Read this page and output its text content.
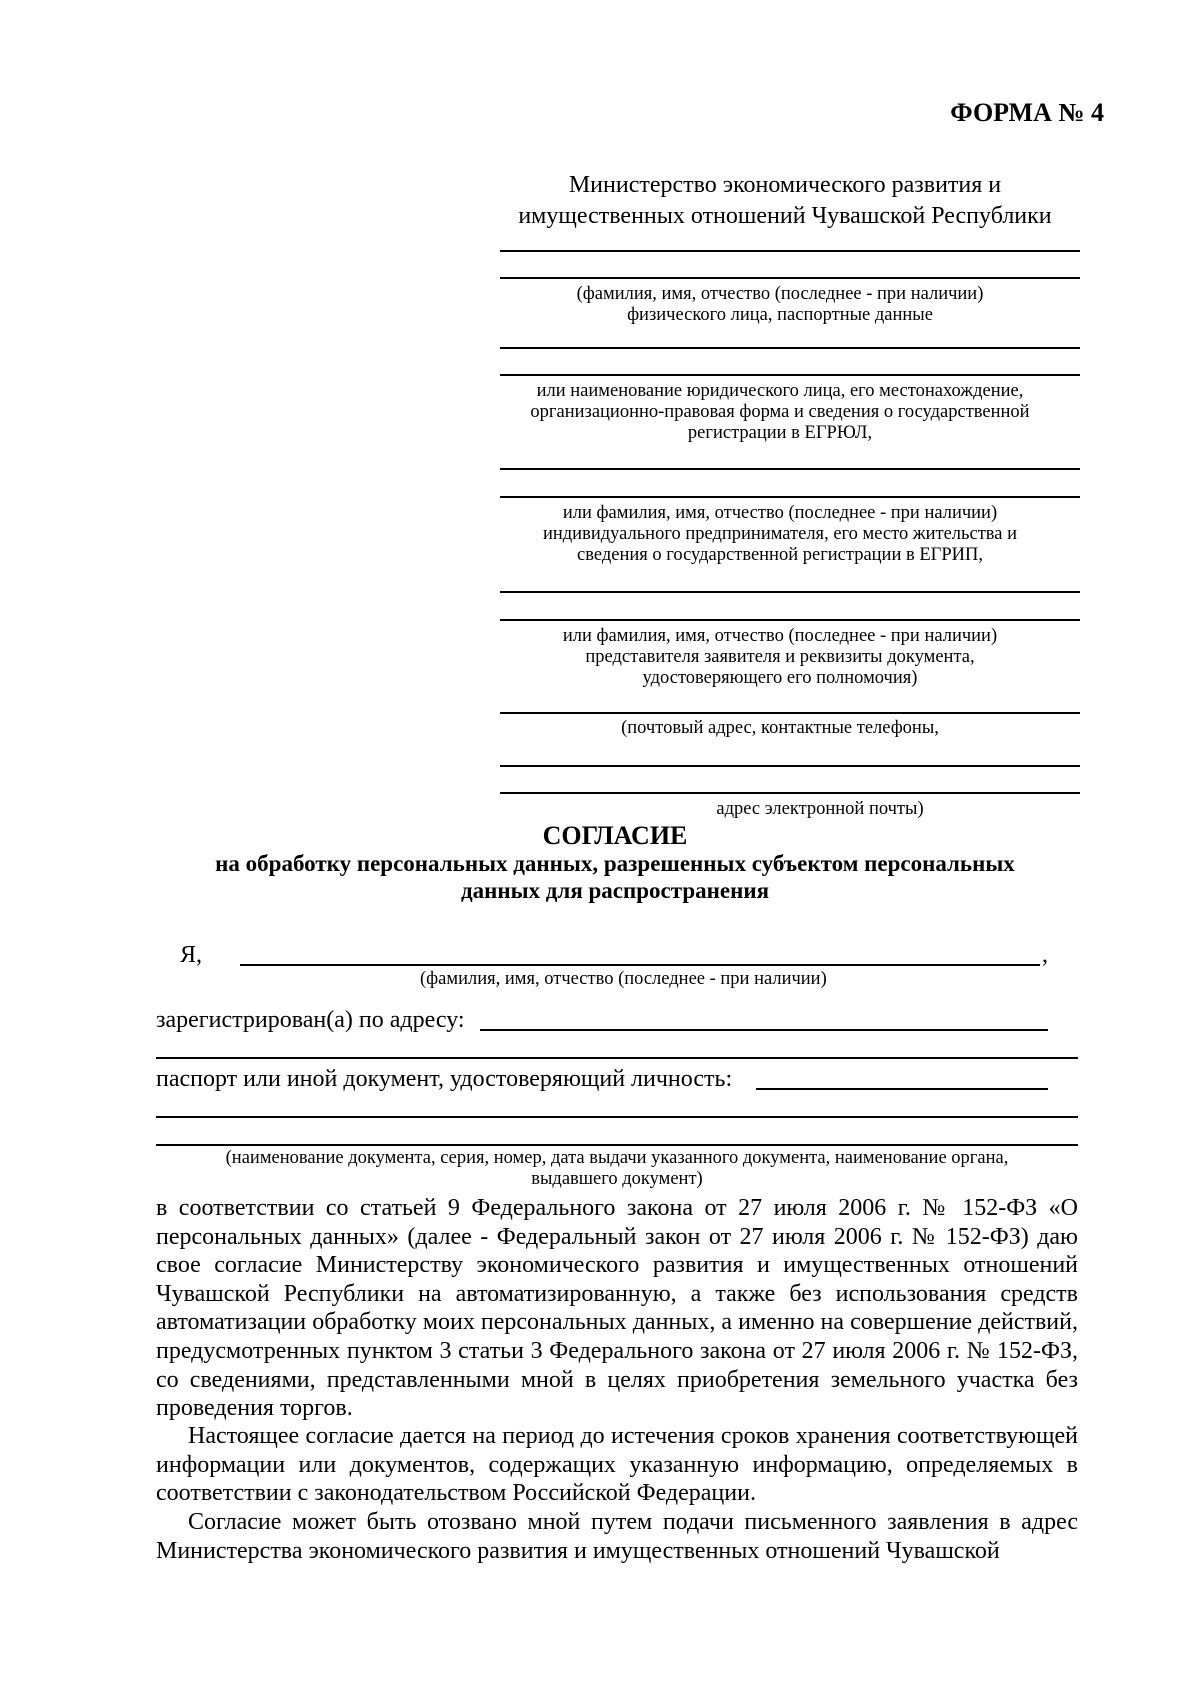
ФОРМА № 4
Министерство экономического развития и
имущественных отношений Чувашской Республики
(фамилия, имя, отчество (последнее - при наличии)
физического лица, паспортные данные
или наименование юридического лица, его местонахождение,
организационно-правовая форма и сведения о государственной
регистрации в ЕГРЮЛ,
или фамилия, имя, отчество (последнее - при наличии)
индивидуального предпринимателя, его место жительства и
сведения о государственной регистрации в ЕГРИП,
или фамилия, имя, отчество (последнее - при наличии)
представителя заявителя и реквизиты документа,
удостоверяющего его полномочия)
(почтовый адрес, контактные телефоны,
адрес электронной почты)
СОГЛАСИЕ
на обработку персональных данных, разрешенных субъектом персональных
данных для распространения
Я,	,
(фамилия, имя, отчество (последнее - при наличии)
зарегистрирован(а) по адресу:
паспорт или иной документ, удостоверяющий личность:
(наименование документа, серия, номер, дата выдачи указанного документа, наименование органа,
выдавшего документ)
в соответствии со статьей 9 Федерального закона от 27 июля 2006 г. № 152-ФЗ «О персональных данных» (далее - Федеральный закон от 27 июля 2006 г. № 152-ФЗ) даю свое согласие Министерству экономического развития и имущественных отношений Чувашской Республики на автоматизированную, а также без использования средств автоматизации обработку моих персональных данных, а именно на совершение действий, предусмотренных пунктом 3 статьи 3 Федерального закона от 27 июля 2006 г. № 152-ФЗ, со сведениями, представленными мной в целях приобретения земельного участка без проведения торгов.
Настоящее согласие дается на период до истечения сроков хранения соответствующей информации или документов, содержащих указанную информацию, определяемых в соответствии с законодательством Российской Федерации.
Согласие может быть отозвано мной путем подачи письменного заявления в адрес Министерства экономического развития и имущественных отношений Чувашской
